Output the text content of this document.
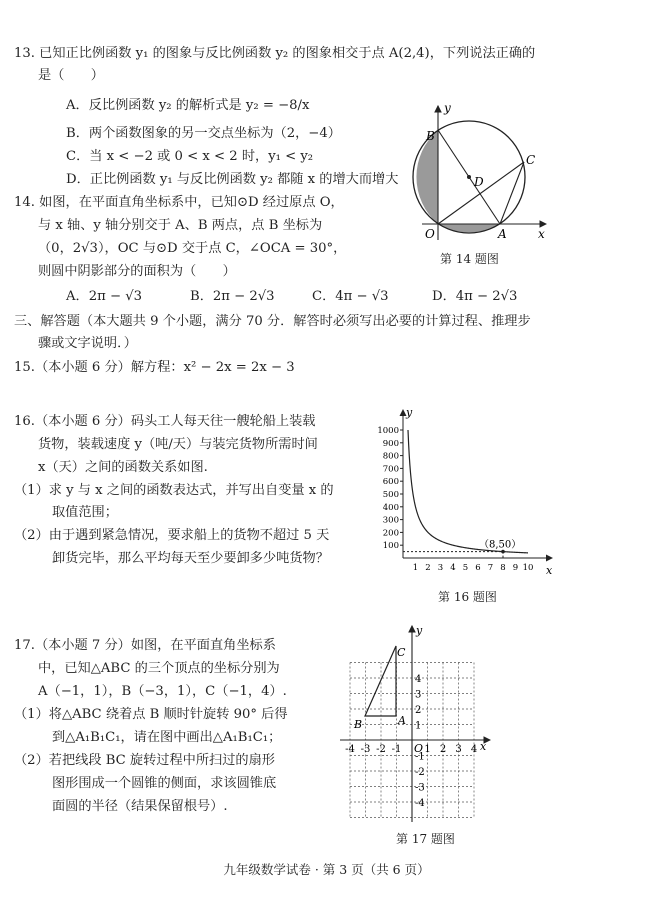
13. 已知正比例函数 y₁ 的图象与反比例函数 y₂ 的图象相交于点 A(2,4)，下列说法正确的
是（　　）
A．反比例函数 y₂ 的解析式是 y₂ = −8/x
B．两个函数图象的另一交点坐标为（2，−4）
C．当 x < −2 或 0 < x < 2 时，y₁ < y₂
D．正比例函数 y₁ 与反比例函数 y₂ 都随 x 的增大而增大
14. 如图，在平面直角坐标系中，已知⊙D 经过原点 O，
与 x 轴、y 轴分别交于 A、B 两点，点 B 坐标为
（0，2√3），OC 与⊙D 交于点 C，∠OCA = 30°，
则圆中阴影部分的面积为（　　）
A．2π − √3	B．2π − 2√3	C．4π − √3	D．4π − 2√3
B
C
D
O	A	x
y
第 14 题图
三、解答题（本大题共 9 个小题，满分 70 分．解答时必须写出必要的计算过程、推理步
骤或文字说明．）
15.（本小题 6 分）解方程：x² − 2x = 2x − 3
16.（本小题 6 分）码头工人每天往一艘轮船上装载
货物，装载速度 y（吨/天）与装完货物所需时间
x（天）之间的函数关系如图.
（1）求 y 与 x 之间的函数表达式，并写出自变量 x 的
取值范围；
（2）由于遇到紧急情况，要求船上的货物不超过 5 天
卸货完毕，那么平均每天至少要卸多少吨货物？
100
200
300
400
500
600
700
800
900
1000
1 2 3 4 5 6 7 8 9 10
（8,50）
x
y
第 16 题图
17.（本小题 7 分）如图，在平面直角坐标系
中，已知△ABC 的三个顶点的坐标分别为
A（−1，1），B（−3，1），C（−1，4）.
（1）将△ABC 绕着点 B 顺时针旋转 90° 后得
到△A₁B₁C₁，请在图中画出△A₁B₁C₁；
（2）若把线段 BC 旋转过程中所扫过的扇形
图形围成一个圆锥的侧面，求该圆锥底
面圆的半径（结果保留根号）.
-4 -3 -2 -1 1 2 3 4
-4
-3
-2
-1
1
2
3
4
B	A
C
O	x
y
第 17 题图
九年级数学试卷 · 第 3 页（共 6 页）
